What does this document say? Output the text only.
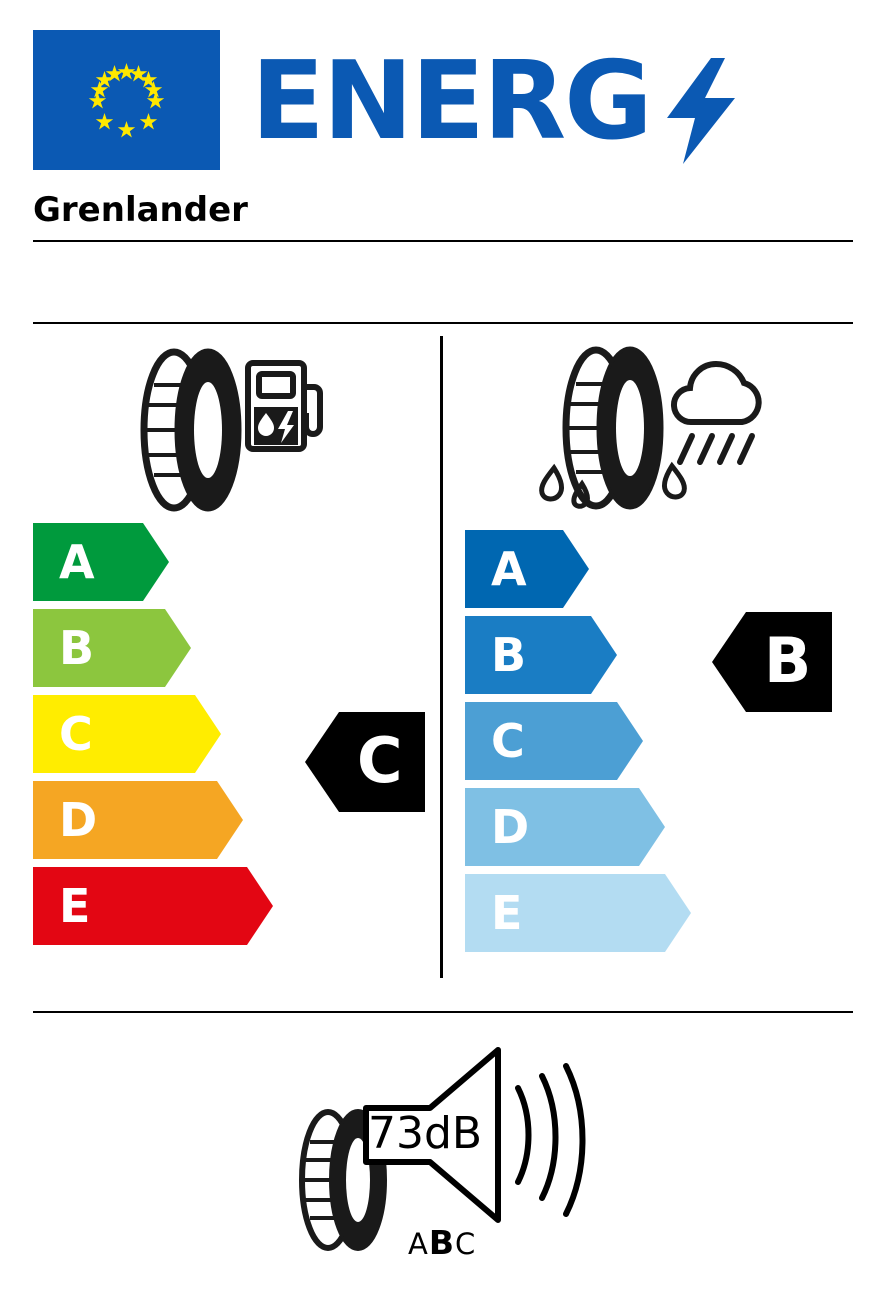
ENERG
Grenlander
A
B
C
D
E
A
B
C
D
E
C
B
73dB
ABC
